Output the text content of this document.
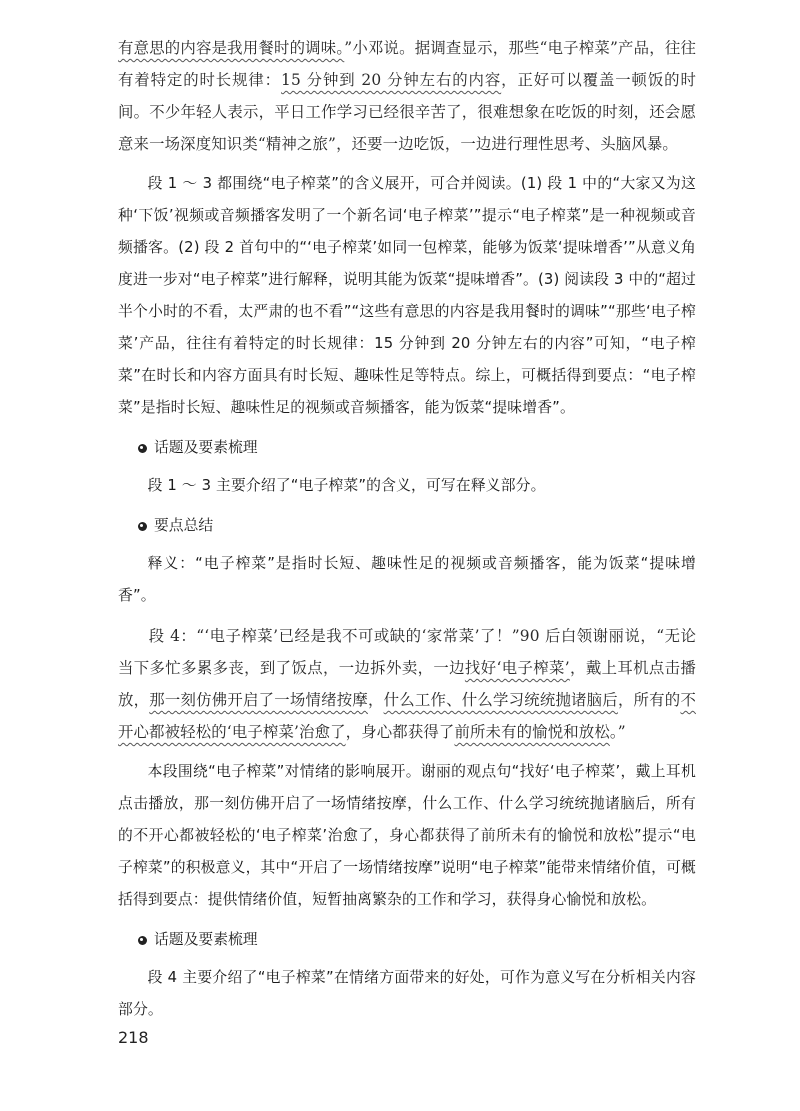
有意思的内容是我用餐时的调味。”小邓说。据调查显示，那些“电子榨菜”产品，往往有着特定的时长规律：15 分钟到 20 分钟左右的内容，正好可以覆盖一顿饭的时间。不少年轻人表示，平日工作学习已经很辛苦了，很难想象在吃饭的时刻，还会愿意来一场深度知识类“精神之旅”，还要一边吃饭，一边进行理性思考、头脑风暴。

段 1 ～ 3 都围绕“电子榨菜”的含义展开，可合并阅读。(1) 段 1 中的“大家又为这种‘下饭’视频或音频播客发明了一个新名词‘电子榨菜’”提示“电子榨菜”是一种视频或音频播客。(2) 段 2 首句中的“‘电子榨菜’如同一包榨菜，能够为饭菜‘提味增香’”从意义角度进一步对“电子榨菜”进行解释，说明其能为饭菜“提味增香”。(3) 阅读段 3 中的“超过半个小时的不看，太严肃的也不看”“这些有意思的内容是我用餐时的调味”“那些‘电子榨菜’产品，往往有着特定的时长规律：15 分钟到 20 分钟左右的内容”可知，“电子榨菜”在时长和内容方面具有时长短、趣味性足等特点。综上，可概括得到要点：“电子榨菜”是指时长短、趣味性足的视频或音频播客，能为饭菜“提味增香”。

话题及要素梳理

段 1 ～ 3 主要介绍了“电子榨菜”的含义，可写在释义部分。

要点总结

释义：“电子榨菜”是指时长短、趣味性足的视频或音频播客，能为饭菜“提味增香”。

段 4：“‘电子榨菜’已经是我不可或缺的‘家常菜’了！”90 后白领谢丽说，“无论当下多忙多累多丧，到了饭点，一边拆外卖，一边找好‘电子榨菜’，戴上耳机点击播放，那一刻仿佛开启了一场情绪按摩，什么工作、什么学习统统抛诸脑后，所有的不开心都被轻松的‘电子榨菜’治愈了，身心都获得了前所未有的愉悦和放松。”

本段围绕“电子榨菜”对情绪的影响展开。谢丽的观点句“找好‘电子榨菜’，戴上耳机点击播放，那一刻仿佛开启了一场情绪按摩，什么工作、什么学习统统抛诸脑后，所有的不开心都被轻松的‘电子榨菜’治愈了，身心都获得了前所未有的愉悦和放松”提示“电子榨菜”的积极意义，其中“开启了一场情绪按摩”说明“电子榨菜”能带来情绪价值，可概括得到要点：提供情绪价值，短暂抽离繁杂的工作和学习，获得身心愉悦和放松。

话题及要素梳理

段 4 主要介绍了“电子榨菜”在情绪方面带来的好处，可作为意义写在分析相关内容部分。

218
